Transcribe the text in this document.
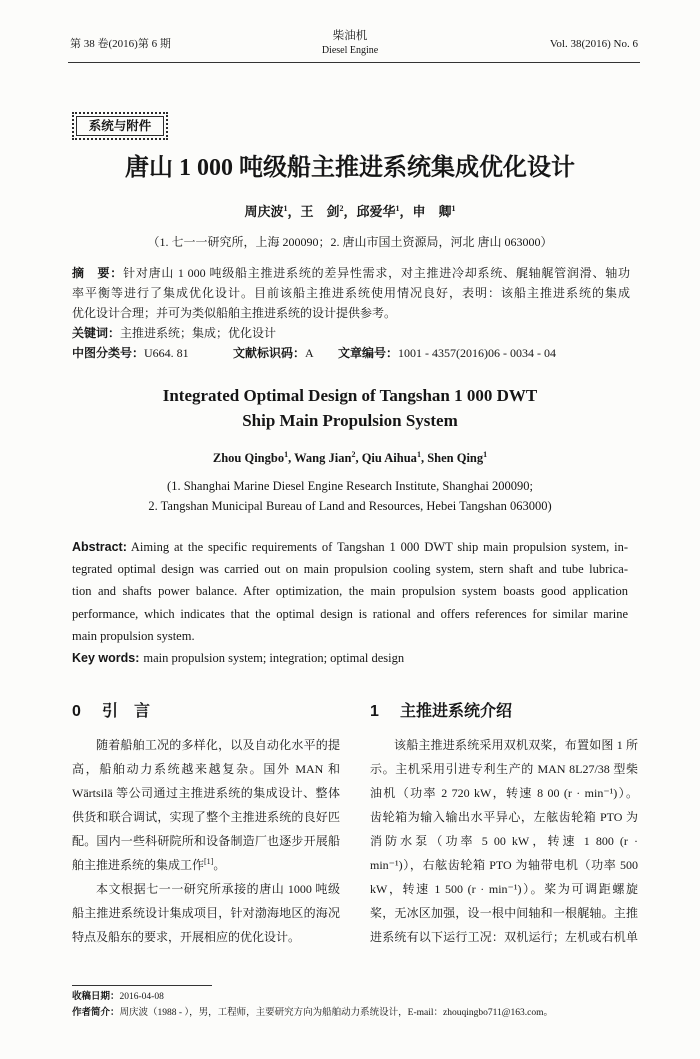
第 38 卷(2016)第 6 期
柴油机
Diesel Engine
Vol. 38(2016) No. 6
系统与附件
唐山 1 000 吨级船主推进系统集成优化设计
周庆波$^1$，王　剑$^2$，邱爱华$^1$，申　卿$^1$
（1. 七一一研究所，上海 200090；2. 唐山市国土资源局，河北 唐山 063000）
摘　要：针对唐山 1 000 吨级船主推进系统的差异性需求，对主推进冷却系统、艉轴艉管润滑、轴功
率平衡等进行了集成优化设计。目前该船主推进系统使用情况良好，表明：该船主推进系统的集成
优化设计合理；并可为类似船舶主推进系统的设计提供参考。
关键词：主推进系统；集成；优化设计
中图分类号：U664. 81	文献标识码：A 文章编号：1001 - 4357(2016)06 - 0034 - 04
Integrated Optimal Design of Tangshan 1 000 DWT
Ship Main Propulsion System
Zhou Qingbo$^1$, Wang Jian$^2$, Qiu Aihua$^1$, Shen Qing$^1$
(1. Shanghai Marine Diesel Engine Research Institute, Shanghai 200090;
2. Tangshan Municipal Bureau of Land and Resources, Hebei Tangshan 063000)
Abstract: Aiming at the specific requirements of Tangshan 1 000 DWT ship main propulsion system, in-
tegrated optimal design was carried out on main propulsion cooling system, stern shaft and tube lubrica-
tion and shafts power balance. After optimization, the main propulsion system boasts good application
performance, which indicates that the optimal design is rational and offers references for similar marine
main propulsion system.
Key words: main propulsion system; integration; optimal design
0 引　言	1 主推进系统介绍
随着船舶工况的多样化，以及自动化水平的提
高，船舶动力系统越来越复杂。国外 MAN 和
Wärtsilä 等公司通过主推进系统的集成设计、整体
供货和联合调试，实现了整个主推进系统的良好匹
配。国内一些科研院所和设备制造厂也逐步开展船
舶主推进系统的集成工作[1]。
本文根据七一一研究所承接的唐山 1000 吨级
船主推进系统设计集成项目，针对渤海地区的海况
特点及船东的要求，开展相应的优化设计。
该船主推进系统采用双机双桨，布置如图 1 所
示。主机采用引进专利生产的 MAN 8L27/38 型柴
油机（功率 2 720 kW，转速 8 00 (r · min⁻¹)）。
齿轮箱为输入输出水平异心，左舷齿轮箱 PTO 为
消防水泵（功率 5 00 kW，转速 1 800 (r ·
min⁻¹)），右舷齿轮箱 PTO 为轴带电机（功率 500
kW，转速 1 500 (r · min⁻¹)）。桨为可调距螺旋
桨，无冰区加强，设一根中间轴和一根艉轴。主推
进系统有以下运行工况：双机运行；左机或右机单
收稿日期：2016-04-08
作者简介：周庆波（1988 - ），男，工程师，主要研究方向为船舶动力系统设计，E-mail：zhouqingbo711@163.com。
